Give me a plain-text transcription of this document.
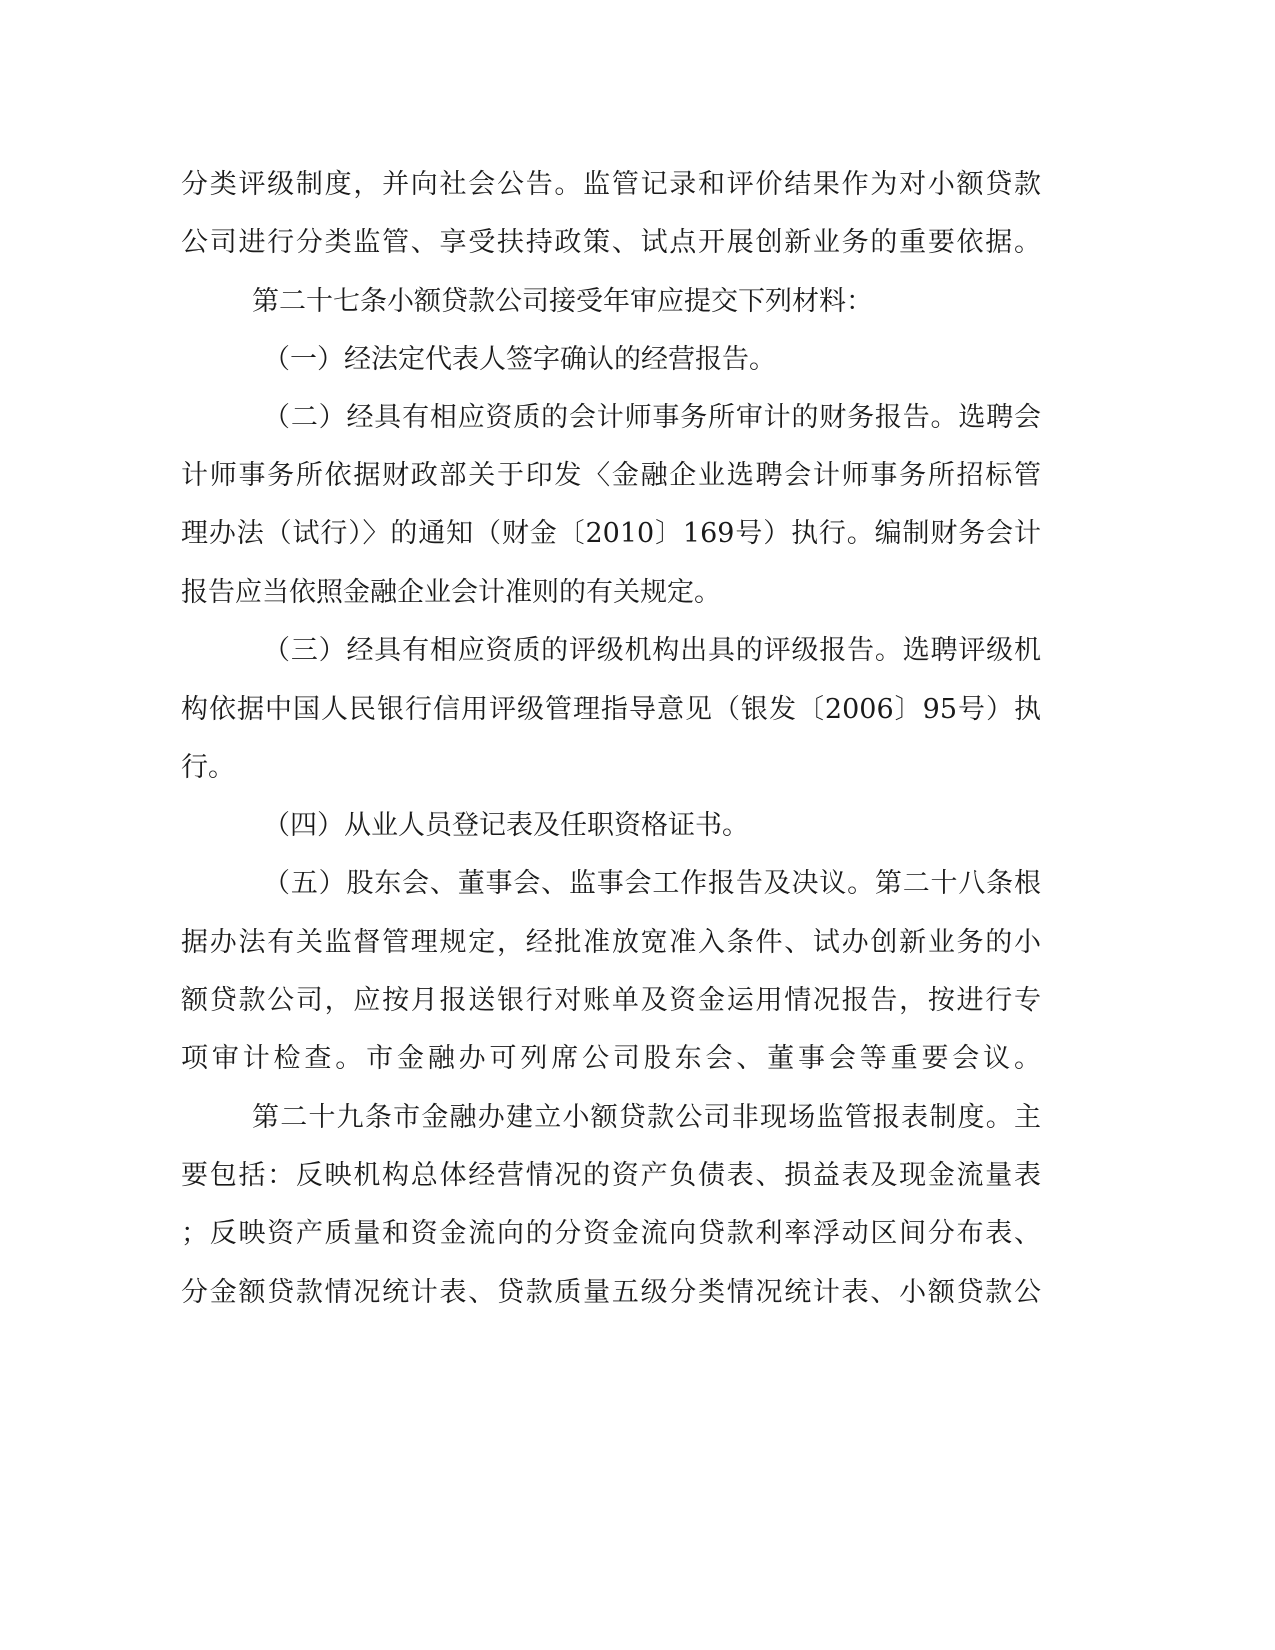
分类评级制度，并向社会公告。监管记录和评价结果作为对小额贷款
公司进行分类监管、享受扶持政策、试点开展创新业务的重要依据。
第二十七条小额贷款公司接受年审应提交下列材料：
（一）经法定代表人签字确认的经营报告。
（二）经具有相应资质的会计师事务所审计的财务报告。选聘会
计师事务所依据财政部关于印发〈金融企业选聘会计师事务所招标管
理办法（试行）〉的通知（财金〔2010〕169号）执行。编制财务会计
报告应当依照金融企业会计准则的有关规定。
（三）经具有相应资质的评级机构出具的评级报告。选聘评级机
构依据中国人民银行信用评级管理指导意见（银发〔2006〕95号）执
行。
（四）从业人员登记表及任职资格证书。
（五）股东会、董事会、监事会工作报告及决议。第二十八条根
据办法有关监督管理规定，经批准放宽准入条件、试办创新业务的小
额贷款公司，应按月报送银行对账单及资金运用情况报告，按进行专
项审计检查。市金融办可列席公司股东会、董事会等重要会议。
第二十九条市金融办建立小额贷款公司非现场监管报表制度。主
要包括：反映机构总体经营情况的资产负债表、损益表及现金流量表
；反映资产质量和资金流向的分资金流向贷款利率浮动区间分布表、
分金额贷款情况统计表、贷款质量五级分类情况统计表、小额贷款公
